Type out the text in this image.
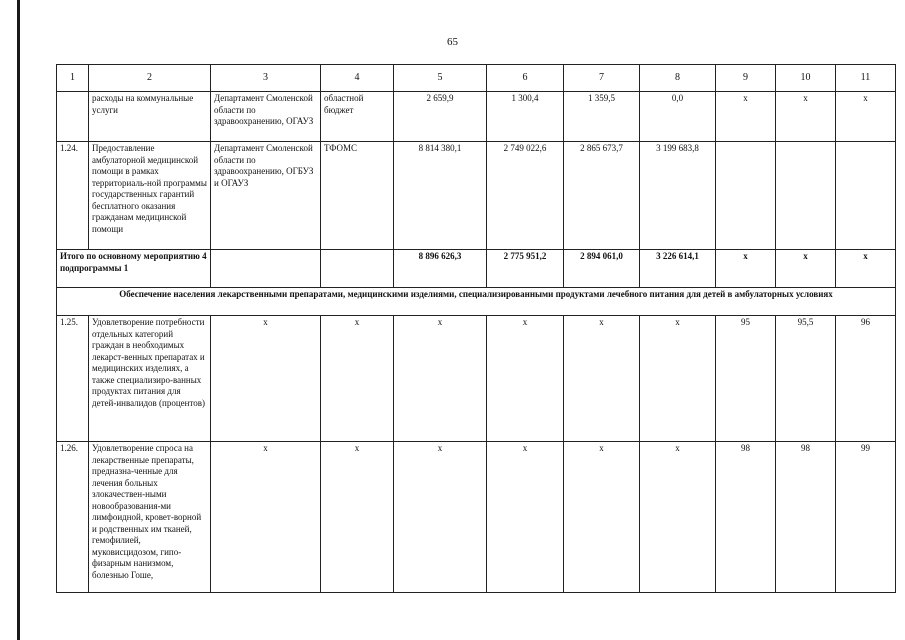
65
1	2	3	4	5	6	7	8	9	10	11
	расходы на коммунальные услуги	Департамент Смоленской области по здравоохранению, ОГАУЗ	областной бюджет	2 659,9	1 300,4	1 359,5	0,0	х	х	х
1.24.	Предоставление амбулаторной медицинской помощи в рамках территориаль-ной программы государственных гарантий бесплатного оказания гражданам медицинской помощи	Департамент Смоленской области по здравоохранению, ОГБУЗ и ОГАУЗ	ТФОМС	8 814 380,1	2 749 022,6	2 865 673,7	3 199 683,8			
Итого по основному мероприятию 4 подпрограммы 1				8 896 626,3	2 775 951,2	2 894 061,0	3 226 614,1	х	х	х
Обеспечение населения лекарственными препаратами, медицинскими изделиями, специализированными продуктами лечебного питания для детей в амбулаторных условиях										
1.25.	Удовлетворение потребности отдельных категорий граждан в необходимых лекарст-венных препаратах и медицинских изделиях, а также специализиро-ванных продуктах питания для детей-инвалидов (процентов)	х	х	х	х	х	х	95	95,5	96
1.26.	Удовлетворение спроса на лекарственные препараты, предназна-ченные для лечения больных злокачествен-ными новообразования-ми лимфоидной, кровет-ворной и родственных им тканей, гемофилией, муковисцидозом, гипо-физарным нанизмом, болезнью Гоше,	х	х	х	х	х	х	98	98	99
